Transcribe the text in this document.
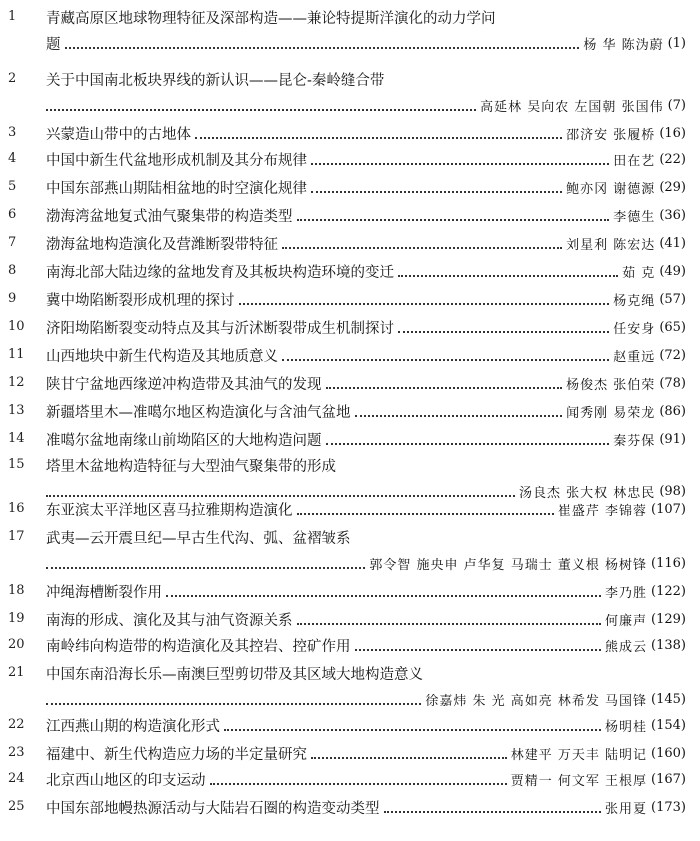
1	青藏高原区地球物理特征及深部构造——兼论特提斯洋演化的动力学问
题	杨 华 陈沩蔚 (1)
2	关于中国南北板块界线的新认识——昆仑-秦岭缝合带
高延林 吴向农 左国朝 张国伟 (7)
3	兴蒙造山带中的古地体	邵济安 张履桥 (16)
4	中国中新生代盆地形成机制及其分布规律	田在艺 (22)
5	中国东部燕山期陆相盆地的时空演化规律	鲍亦冈 谢德源 (29)
6	渤海湾盆地复式油气聚集带的构造类型	李德生 (36)
7	渤海盆地构造演化及营潍断裂带特征	刘星利 陈宏达 (41)
8	南海北部大陆边缘的盆地发育及其板块构造环境的变迁	茹 克 (49)
9	冀中坳陷断裂形成机理的探讨	杨克绳 (57)
10	济阳坳陷断裂变动特点及其与沂沭断裂带成生机制探讨	任安身 (65)
11	山西地块中新生代构造及其地质意义	赵重远 (72)
12	陕甘宁盆地西缘逆冲构造带及其油气的发现	杨俊杰 张伯荣 (78)
13	新疆塔里木—准噶尔地区构造演化与含油气盆地	闻秀刚 易荣龙 (86)
14	准噶尔盆地南缘山前坳陷区的大地构造问题	秦芬保 (91)
15	塔里木盆地构造特征与大型油气聚集带的形成
汤良杰 张大权 林忠民 (98)
16	东亚滨太平洋地区喜马拉雅期构造演化	崔盛芹 李锦蓉 (107)
17	武夷—云开震旦纪—早古生代沟、弧、盆褶皱系
郭令智 施央申 卢华复 马瑞士 董义根 杨树锋 (116)
18	冲绳海槽断裂作用	李乃胜 (122)
19	南海的形成、演化及其与油气资源关系	何廉声 (129)
20	南岭纬向构造带的构造演化及其控岩、控矿作用	熊成云 (138)
21	中国东南沿海长乐—南澳巨型剪切带及其区域大地构造意义
徐嘉炜 朱 光 高如亮 林希发 马国锋 (145)
22	江西燕山期的构造演化形式	杨明桂 (154)
23	福建中、新生代构造应力场的半定量研究	林建平 万天丰 陆明记 (160)
24	北京西山地区的印支运动	贾精一 何文军 王根厚 (167)
25	中国东部地幔热源活动与大陆岩石圈的构造变动类型	张用夏 (173)
